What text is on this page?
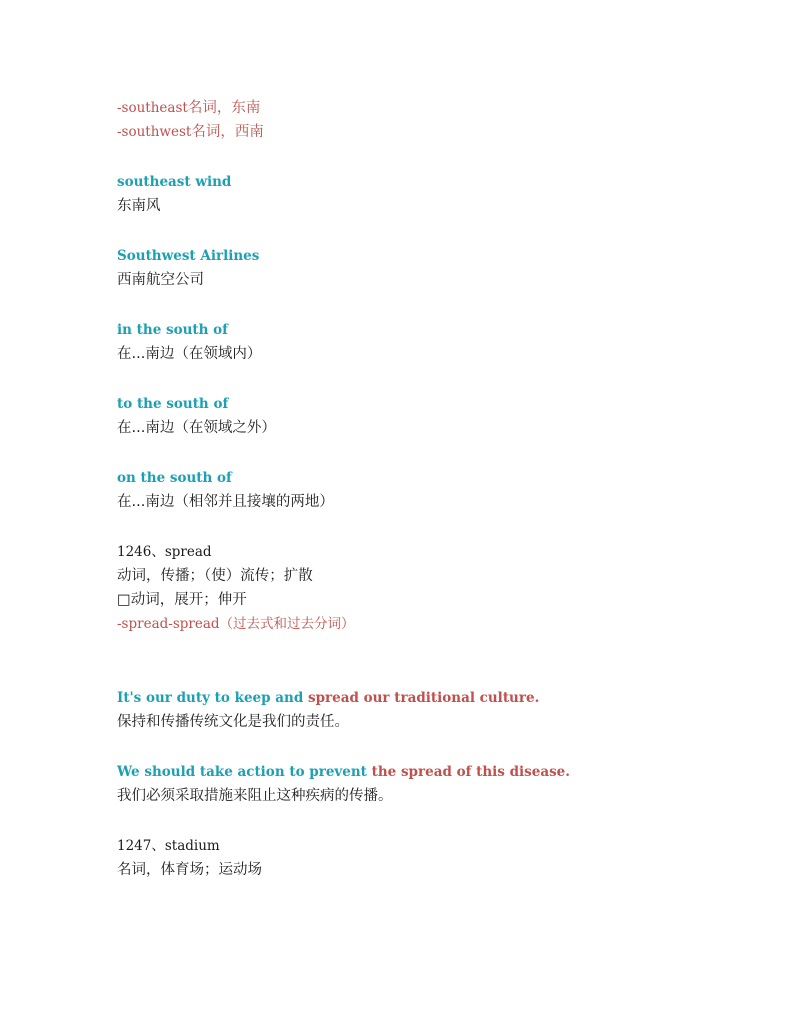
-southeast名词，东南
-southwest名词，西南
southeast wind
东南风
Southwest Airlines
西南航空公司
in the south of
在...南边（在领域内）
to the south of
在...南边（在领域之外）
on the south of
在...南边（相邻并且接壤的两地）
1246、spread
动词，传播；（使）流传；扩散
□动词，展开；伸开
-spread-spread（过去式和过去分词）
It's our duty to keep and spread our traditional culture.
保持和传播传统文化是我们的责任。
We should take action to prevent the spread of this disease.
我们必须采取措施来阻止这种疾病的传播。
1247、stadium
名词，体育场；运动场
